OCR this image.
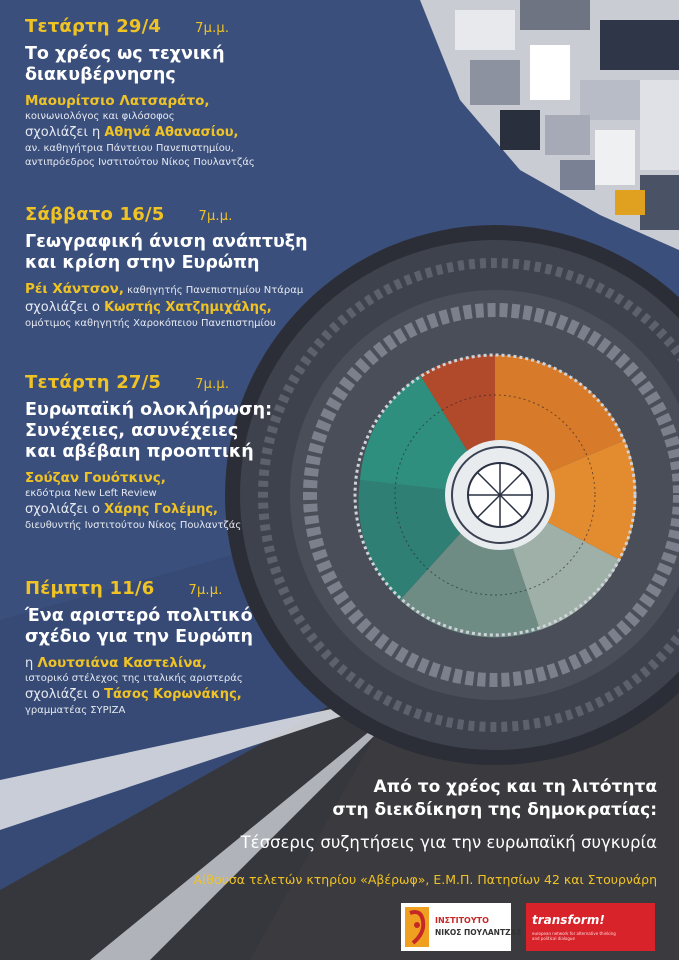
Τετάρτη 29/4	7μ.μ.
Το χρέος ως τεχνική διακυβέρνησης
Μαουρίτσιο Λατσαράτο,
κοινωνιολόγος και φιλόσοφος
σχολιάζει η Αθηνά Αθανασίου,
αν. καθηγήτρια Πάντειου Πανεπιστημίου,
αντιπρόεδρος Ινστιτούτου Νίκος Πουλαντζάς
Σάββατο 16/5	7μ.μ.
Γεωγραφική άνιση ανάπτυξη
και κρίση στην Ευρώπη
Ρέι Χάντσον, καθηγητής Πανεπιστημίου Ντάραμ
σχολιάζει ο Κωστής Χατζημιχάλης,
ομότιμος καθηγητής Χαροκόπειου Πανεπιστημίου
Τετάρτη 27/5	7μ.μ.
Ευρωπαϊκή ολοκλήρωση:
Συνέχειες, ασυνέχειες
και αβέβαιη προοπτική
Σούζαν Γουότκινς,
εκδότρια New Left Review
σχολιάζει ο Χάρης Γολέμης,
διευθυντής Ινστιτούτου Νίκος Πουλαντζάς
Πέμπτη 11/6	7μ.μ.
Ένα αριστερό πολιτικό
σχέδιο για την Ευρώπη
η Λουτσιάνα Καστελίνα,
ιστορικό στέλεχος της ιταλικής αριστεράς
σχολιάζει ο Τάσος Κορωνάκης,
γραμματέας ΣΥΡΙΖΑ
Από το χρέος και τη λιτότητα
στη διεκδίκηση της δημοκρατίας:
Τέσσερις συζητήσεις για την ευρωπαϊκή συγκυρία
Αίθουσα τελετών κτηρίου «Αβέρωφ», Ε.Μ.Π. Πατησίων 42 και Στουρνάρη
ΙΝΣΤΙΤΟΥΤΟ
ΝΙΚΟΣ ΠΟΥΛΑΝΤΖΑΣ
transform!
european network for alternative thinking and political dialogue
